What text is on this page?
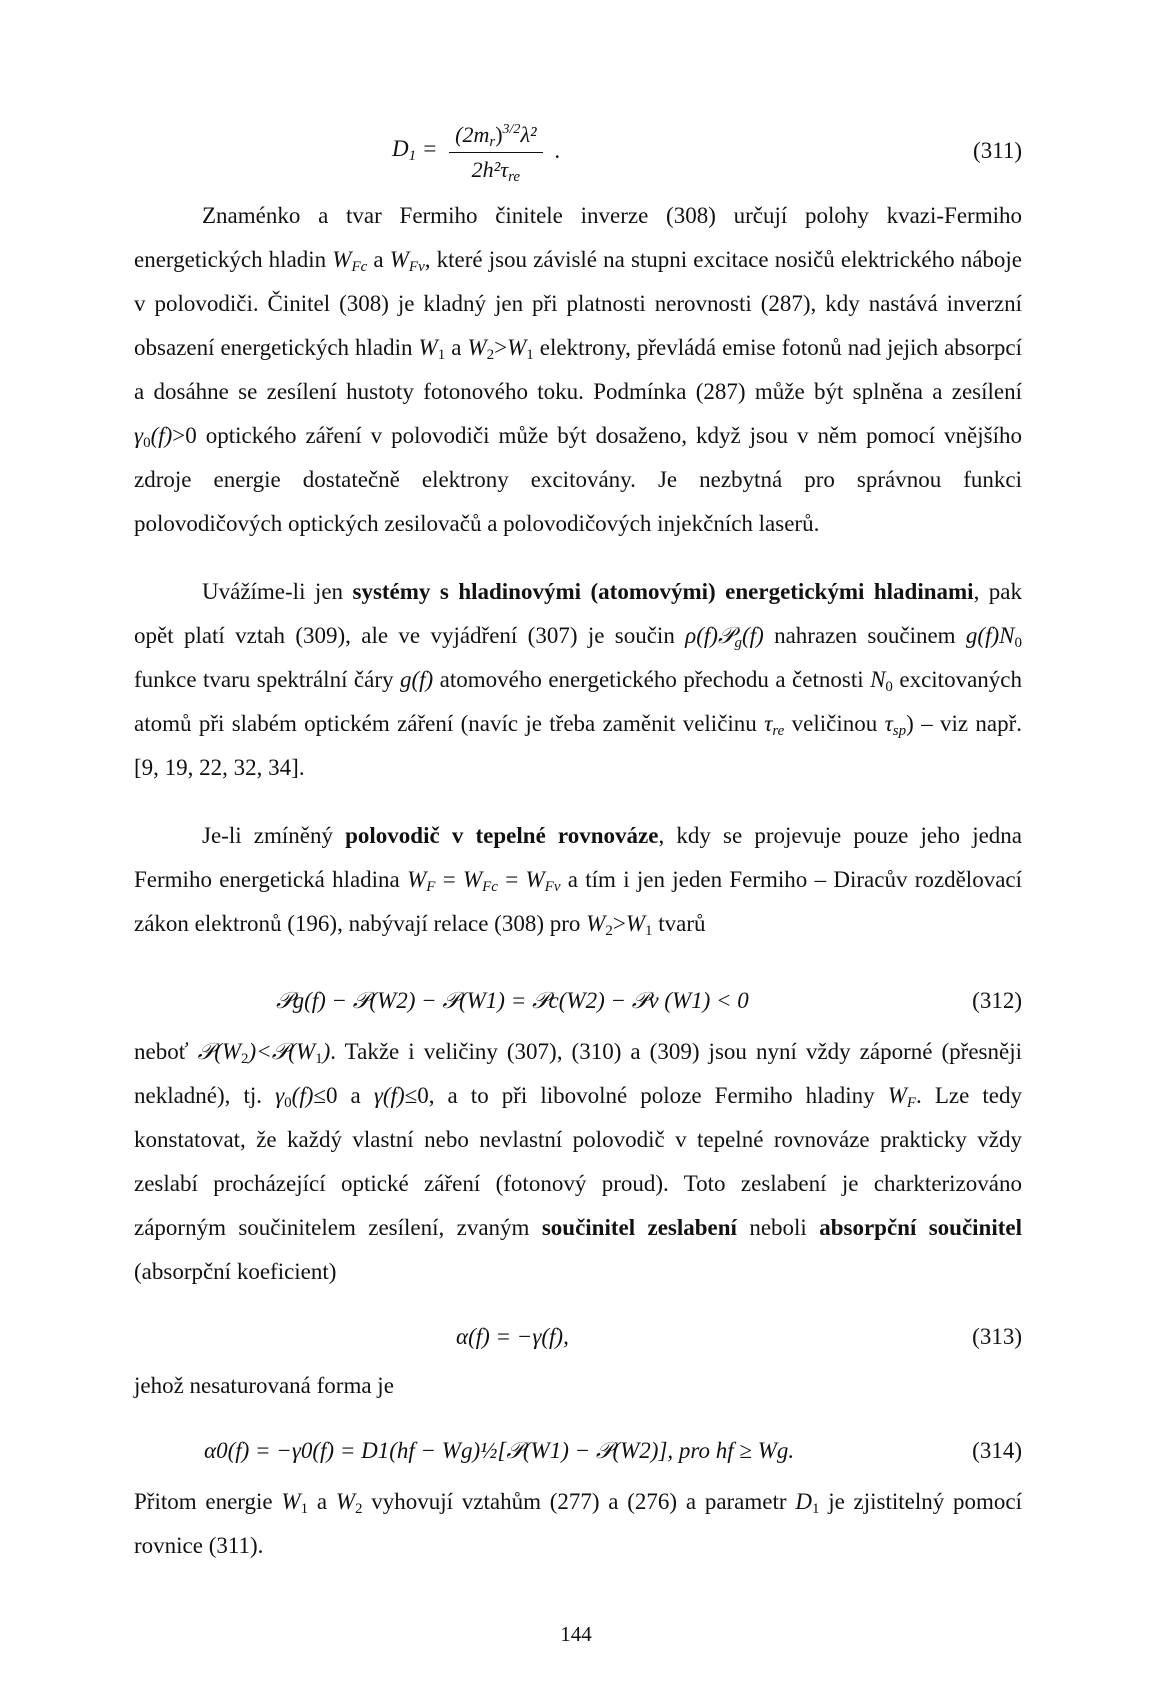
$D_1 = \frac{(2m_r)^{3/2}\lambda^2}{2h^2\tau_{re}}$ .	(311)
Znaménko a tvar Fermiho činitele inverze (308) určují polohy kvazi-Fermiho energetických hladin $W_{Fc}$ a $W_{Fv}$, které jsou závislé na stupni excitace nosičů elektrického náboje v polovodiči. Činitel (308) je kladný jen při platnosti nerovnosti (287), kdy nastává inverzní obsazení energetických hladin $W_1$ a $W_2>W_1$ elektrony, převládá emise fotonů nad jejich absorpcí a dosáhne se zesílení hustoty fotonového toku. Podmínka (287) může být splněna a zesílení $\gamma_0(f)>0$ optického záření v polovodiči může být dosaženo, když jsou v něm pomocí vnějšího zdroje energie dostatečně elektrony excitovány. Je nezbytná pro správnou funkci polovodičových optických zesilovačů a polovodičových injekčních laserů.
Uvážíme-li jen systémy s hladinovými (atomovými) energetickými hladinami, pak opět platí vztah (309), ale ve vyjádření (307) je součin ρ(f)𝒫$_g$(f) nahrazen součinem $g(f)N_0$ funkce tvaru spektrální čáry g(f) atomového energetického přechodu a četnosti $N_0$ excitovaných atomů při slabém optickém záření (navíc je třeba zaměnit veličinu $\tau_{re}$ veličinou $\tau_{sp}$) – viz např. [9, 19, 22, 32, 34].
Je-li zmíněný polovodič v tepelné rovnováze, kdy se projevuje pouze jeho jedna Fermiho energetická hladina $W_F = W_{Fc} = W_{Fv}$ a tím i jen jeden Fermiho – Diracův rozdělovací zákon elektronů (196), nabývají relace (308) pro $W_2>W_1$ tvarů
𝒫g(f) − 𝒫(W2) − 𝒫(W1) = 𝒫c(W2) − 𝒫v (W1) < 0	(312)
neboť $𝒫(W_2)<𝒫(W_1)$. Takže i veličiny (307), (310) a (309) jsou nyní vždy záporné (přesněji nekladné), tj. $\gamma_0(f)\le 0$ a γ(f)≤0, a to při libovolné poloze Fermiho hladiny $W_F$. Lze tedy konstatovat, že každý vlastní nebo nevlastní polovodič v tepelné rovnováze prakticky vždy zeslabí procházející optické záření (fotonový proud). Toto zeslabení je charkterizováno záporným součinitelem zesílení, zvaným součinitel zeslabení neboli absorpční součinitel (absorpční koeficient)
α(f) = −γ(f),	(313)
jehož nesaturovaná forma je
α0(f) = −γ0(f) = D1(hf − Wg)½[𝒫(W1) − 𝒫(W2)], pro hf ≥ Wg.	(314)
Přitom energie $W_1$ a $W_2$ vyhovují vztahům (277) a (276) a parametr $D_1$ je zjistitelný pomocí rovnice (311).
144
